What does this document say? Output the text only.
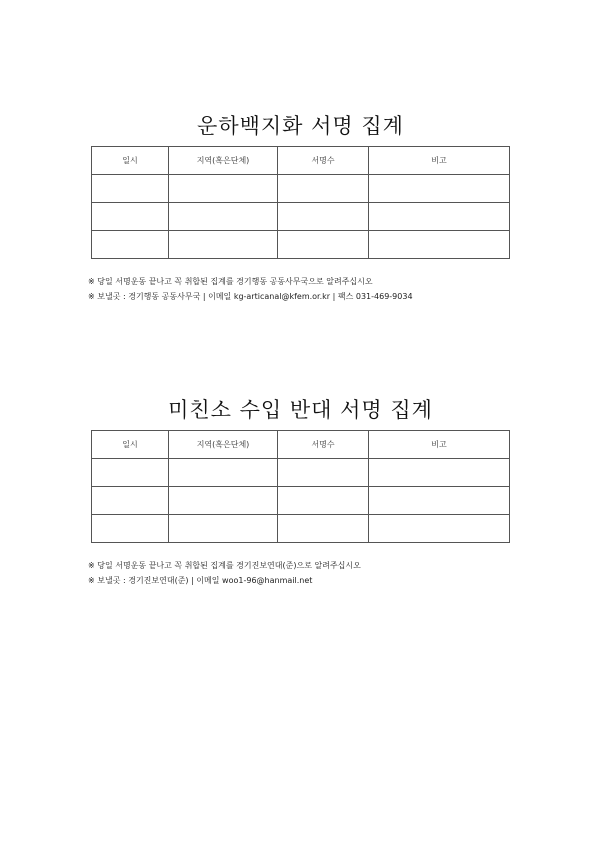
운하백지화 서명 집계
일시	지역(혹은단체)	서명수	비고

※ 당일 서명운동 끝나고 꼭 취합된 집계를 경기행동 공동사무국으로 알려주십시오
※ 보낼곳 : 경기행동 공동사무국 | 이메일 kg-articanal@kfem.or.kr | 팩스 031-469-9034
미친소 수입 반대 서명 집계
일시	지역(혹은단체)	서명수	비고

※ 당일 서명운동 끝나고 꼭 취합된 집계를 경기진보연대(준)으로 알려주십시오
※ 보낼곳 : 경기진보연대(준) | 이메일 woo1-96@hanmail.net
